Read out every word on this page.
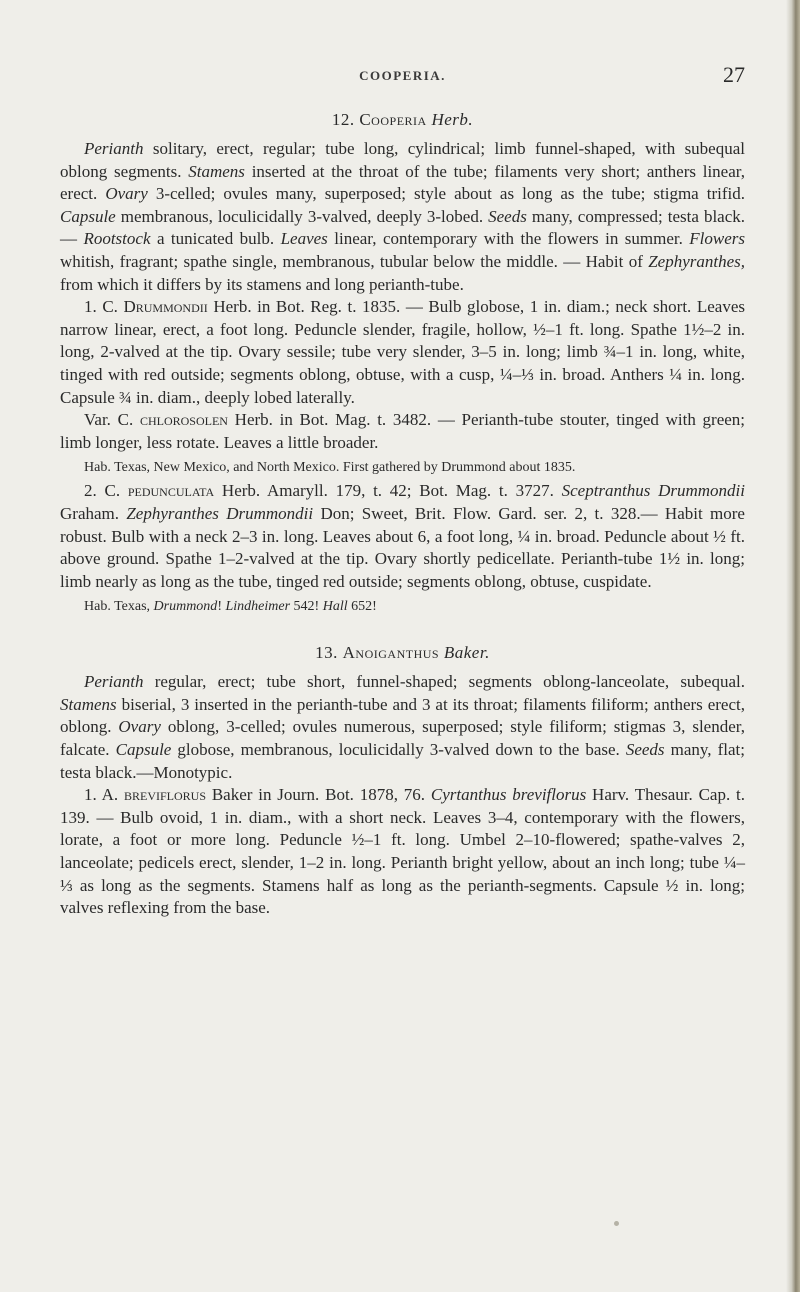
COOPERIA.	27
12. Cooperia Herb.

Perianth solitary, erect, regular; tube long, cylindrical; limb funnel-shaped, with subequal oblong segments. Stamens inserted at the throat of the tube; filaments very short; anthers linear, erect. Ovary 3-celled; ovules many, superposed; style about as long as the tube; stigma trifid. Capsule membranous, loculicidally 3-valved, deeply 3-lobed. Seeds many, compressed; testa black.— Rootstock a tunicated bulb. Leaves linear, contemporary with the flowers in summer. Flowers whitish, fragrant; spathe single, membranous, tubular below the middle. — Habit of Zephyranthes, from which it differs by its stamens and long perianth-tube.

1. C. Drummondii Herb. in Bot. Reg. t. 1835. — Bulb globose, 1 in. diam.; neck short. Leaves narrow linear, erect, a foot long. Peduncle slender, fragile, hollow, ½–1 ft. long. Spathe 1½–2 in. long, 2-valved at the tip. Ovary sessile; tube very slender, 3–5 in. long; limb ¾–1 in. long, white, tinged with red outside; segments oblong, obtuse, with a cusp, ¼–⅓ in. broad. Anthers ¼ in. long. Capsule ¾ in. diam., deeply lobed laterally.

Var. C. chlorosolen Herb. in Bot. Mag. t. 3482. — Perianth-tube stouter, tinged with green; limb longer, less rotate. Leaves a little broader.

Hab. Texas, New Mexico, and North Mexico. First gathered by Drummond about 1835.

2. C. pedunculata Herb. Amaryll. 179, t. 42; Bot. Mag. t. 3727. Sceptranthus Drummondii Graham. Zephyranthes Drummondii Don; Sweet, Brit. Flow. Gard. ser. 2, t. 328.— Habit more robust. Bulb with a neck 2–3 in. long. Leaves about 6, a foot long, ¼ in. broad. Peduncle about ½ ft. above ground. Spathe 1–2-valved at the tip. Ovary shortly pedicellate. Perianth-tube 1½ in. long; limb nearly as long as the tube, tinged red outside; segments oblong, obtuse, cuspidate.

Hab. Texas, Drummond! Lindheimer 542! Hall 652!

13. Anoiganthus Baker.

Perianth regular, erect; tube short, funnel-shaped; segments oblong-lanceolate, subequal. Stamens biserial, 3 inserted in the perianth-tube and 3 at its throat; filaments filiform; anthers erect, oblong. Ovary oblong, 3-celled; ovules numerous, superposed; style filiform; stigmas 3, slender, falcate. Capsule globose, membranous, loculicidally 3-valved down to the base. Seeds many, flat; testa black.—Monotypic.

1. A. breviflorus Baker in Journ. Bot. 1878, 76. Cyrtanthus breviflorus Harv. Thesaur. Cap. t. 139. — Bulb ovoid, 1 in. diam., with a short neck. Leaves 3–4, contemporary with the flowers, lorate, a foot or more long. Peduncle ½–1 ft. long. Umbel 2–10-flowered; spathe-valves 2, lanceolate; pedicels erect, slender, 1–2 in. long. Perianth bright yellow, about an inch long; tube ¼–⅓ as long as the segments. Stamens half as long as the perianth-segments. Capsule ½ in. long; valves reflexing from the base.
